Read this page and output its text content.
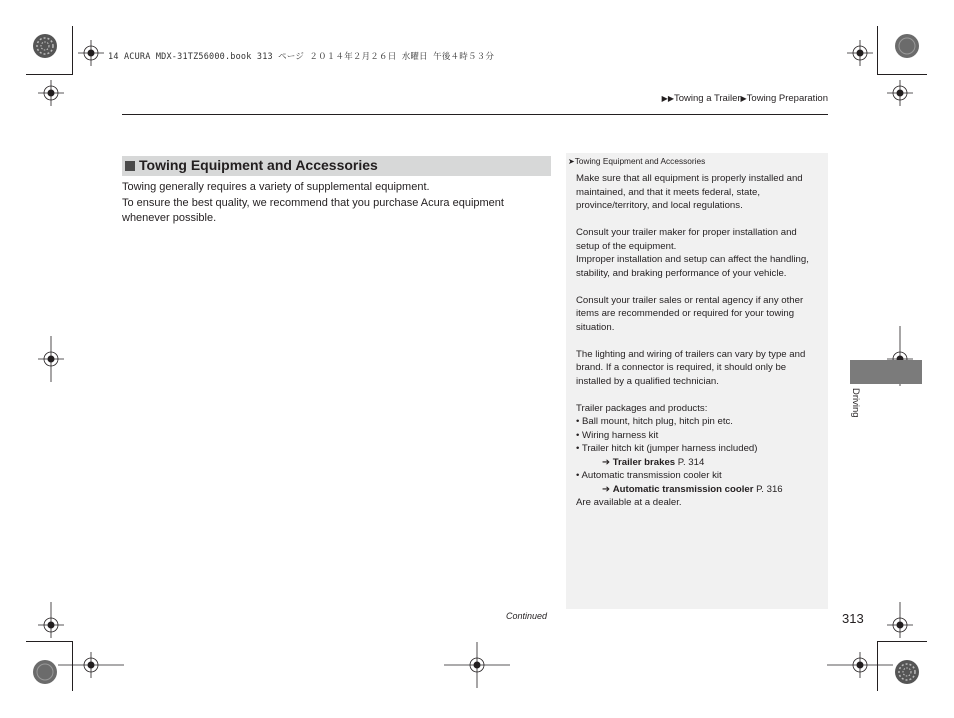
14 ACURA MDX-31TZ56000.book 313 ページ ２０１４年２月２６日 水曜日 午後４時５３分
▶▶Towing a Trailer▶Towing Preparation
Towing Equipment and Accessories

Towing generally requires a variety of supplemental equipment.

To ensure the best quality, we recommend that you purchase Acura equipment whenever possible.

➤Towing Equipment and Accessories

Make sure that all equipment is properly installed and maintained, and that it meets federal, state, province/territory, and local regulations.

Consult your trailer maker for proper installation and setup of the equipment.

Improper installation and setup can affect the handling, stability, and braking performance of your vehicle.

Consult your trailer sales or rental agency if any other items are recommended or required for your towing situation.

The lighting and wiring of trailers can vary by type and brand. If a connector is required, it should only be installed by a qualified technician.

Trailer packages and products:

• Ball mount, hitch plug, hitch pin etc.

• Wiring harness kit

• Trailer hitch kit (jumper harness included)

➔ Trailer brakes P. 314

• Automatic transmission cooler kit

➔ Automatic transmission cooler P. 316

Are available at a dealer.

Driving
Continued	313
